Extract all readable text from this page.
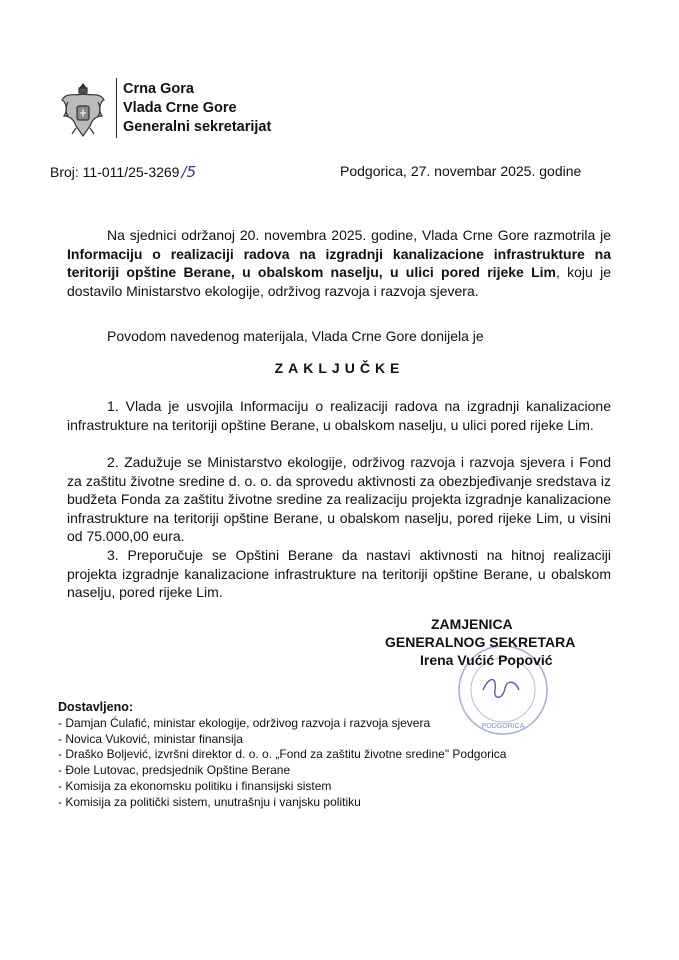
Crna Gora
Vlada Crne Gore
Generalni sekretarijat
Broj: 11-011/25-3269 /5	Podgorica, 27. novembar 2025. godine
Na sjednici održanoj 20. novembra 2025. godine, Vlada Crne Gore razmotrila je Informaciju o realizaciji radova na izgradnji kanalizacione infrastrukture na teritoriji opštine Berane, u obalskom naselju, u ulici pored rijeke Lim, koju je dostavilo Ministarstvo ekologije, održivog razvoja i razvoja sjevera.
Povodom navedenog materijala, Vlada Crne Gore donijela je
ZAKLJUČKE
1. Vlada je usvojila Informaciju o realizaciji radova na izgradnji kanalizacione infrastrukture na teritoriji opštine Berane, u obalskom naselju, u ulici pored rijeke Lim.
2. Zadužuje se Ministarstvo ekologije, održivog razvoja i razvoja sjevera i Fond za zaštitu životne sredine d. o. o. da sprovedu aktivnosti za obezbjeđivanje sredstava iz budžeta Fonda za zaštitu životne sredine za realizaciju projekta izgradnje kanalizacione infrastrukture na teritoriji opštine Berane, u obalskom naselju, pored rijeke Lim, u visini od 75.000,00 eura.
3. Preporučuje se Opštini Berane da nastavi aktivnosti na hitnoj realizaciji projekta izgradnje kanalizacione infrastrukture na teritoriji opštine Berane, u obalskom naselju, pored rijeke Lim.
PODGORICA
ZAMJENICA
GENERALNOG SEKRETARA
Irena Vućić Popović
Dostavljeno:
- Damjan Ćulafić, ministar ekologije, održivog razvoja i razvoja sjevera
- Novica Vuković, ministar finansija
- Draško Boljević, izvršni direktor d. o. o. „Fond za zaštitu životne sredine" Podgorica
- Đole Lutovac, predsjednik Opštine Berane
- Komisija za ekonomsku politiku i finansijski sistem
- Komisija za politički sistem, unutrašnju i vanjsku politiku
